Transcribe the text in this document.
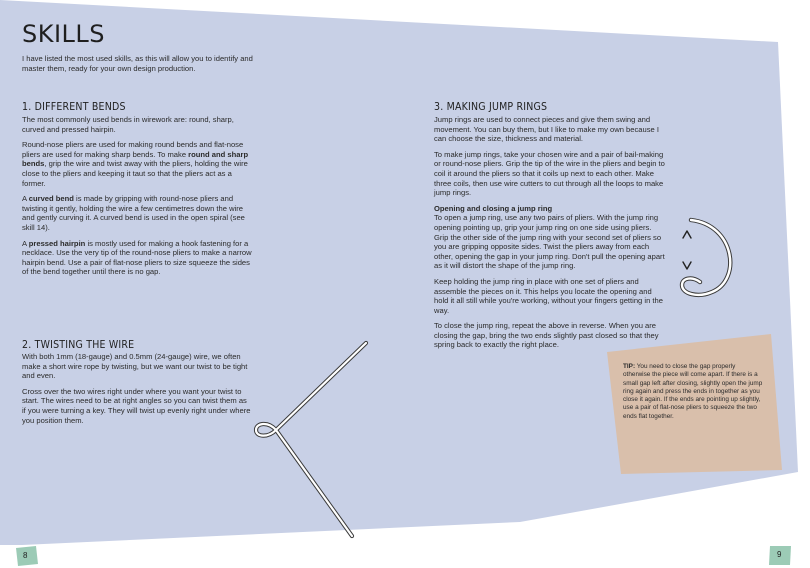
SKILLS
I have listed the most used skills, as this will allow you to identify and master them, ready for your own design production.
1. DIFFERENT BENDS

The most commonly used bends in wirework are: round, sharp, curved and pressed hairpin.

Round-nose pliers are used for making round bends and flat-nose pliers are used for making sharp bends. To make round and sharp bends, grip the wire and twist away with the pliers, holding the wire close to the pliers and keeping it taut so that the pliers act as a former.

A curved bend is made by gripping with round-nose pliers and twisting it gently, holding the wire a few centimetres down the wire and gently curving it. A curved bend is used in the open spiral (see skill 14).

A pressed hairpin is mostly used for making a hook fastening for a necklace. Use the very tip of the round-nose pliers to make a narrow hairpin bend. Use a pair of flat-nose pliers to size squeeze the sides of the bend together until there is no gap.

2. TWISTING THE WIRE

With both 1mm (18-gauge) and 0.5mm (24-gauge) wire, we often make a short wire rope by twisting, but we want our twist to be tight and even.

Cross over the two wires right under where you want your twist to start. The wires need to be at right angles so you can twist them as if you were turning a key. They will twist up evenly right under where you position them.

3. MAKING JUMP RINGS

Jump rings are used to connect pieces and give them swing and movement. You can buy them, but I like to make my own because I can choose the size, thickness and material.

To make jump rings, take your chosen wire and a pair of bail-making or round-nose pliers. Grip the tip of the wire in the pliers and begin to coil it around the pliers so that it coils up next to each other. Make three coils, then use wire cutters to cut through all the loops to make jump rings.

Opening and closing a jump ring
To open a jump ring, use any two pairs of pliers. With the jump ring opening pointing up, grip your jump ring on one side using pliers. Grip the other side of the jump ring with your second set of pliers so you are gripping opposite sides. Twist the pliers away from each other, opening the gap in your jump ring. Don't pull the opening apart as it will distort the shape of the jump ring.

Keep holding the jump ring in place with one set of pliers and assemble the pieces on it. This helps you locate the opening and hold it all still while you're working, without your fingers getting in the way.

To close the jump ring, repeat the above in reverse. When you are closing the gap, bring the two ends slightly past closed so that they spring back to exactly the right place.

TIP: You need to close the gap properly otherwise the piece will come apart. If there is a small gap left after closing, slightly open the jump ring again and press the ends in together as you close it again. If the ends are pointing up slightly, use a pair of flat-nose pliers to squeeze the two ends flat together.
8	9
